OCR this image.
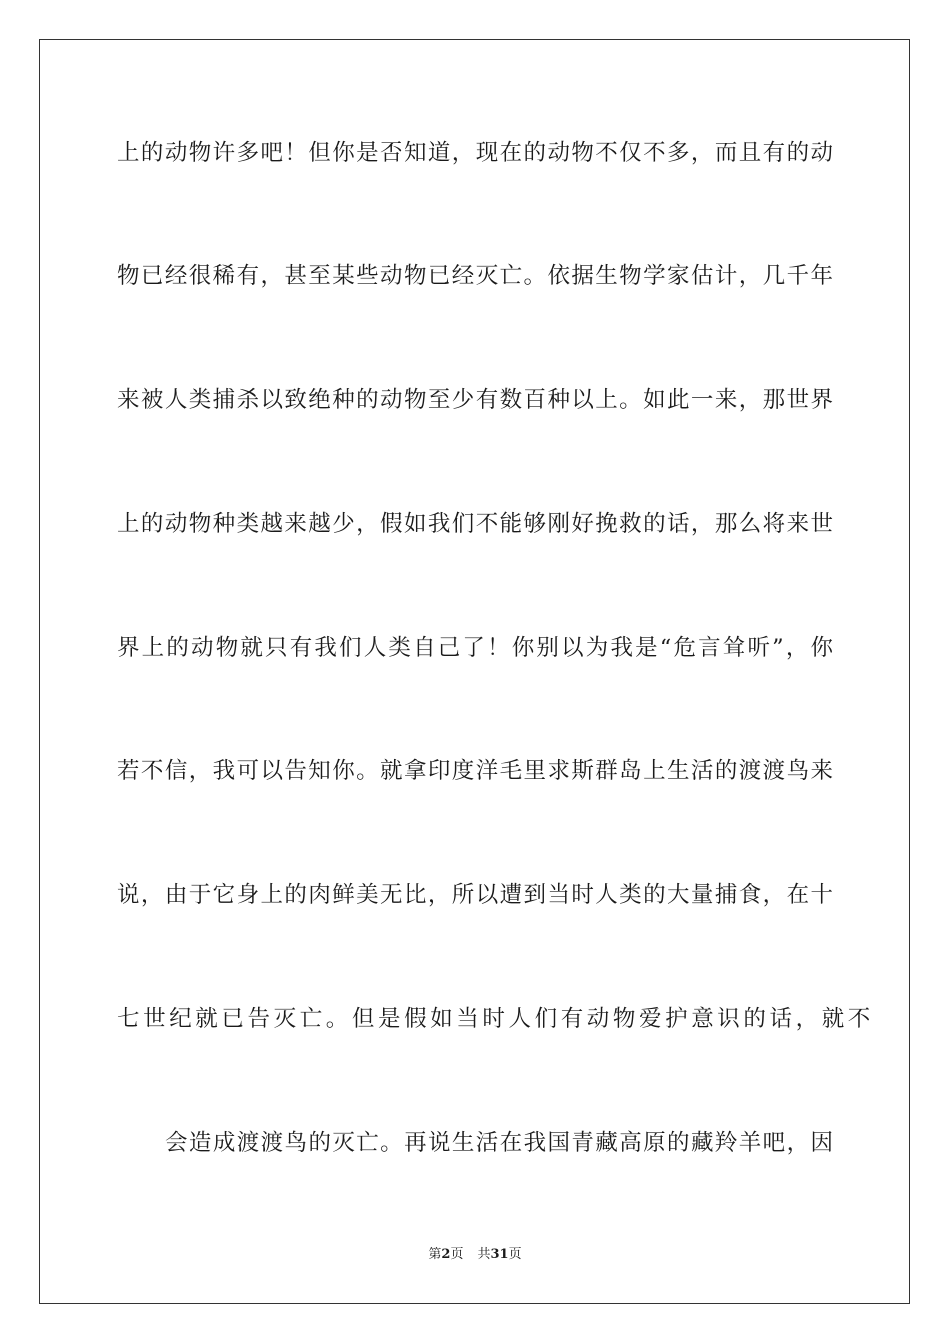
上的动物许多吧！但你是否知道，现在的动物不仅不多，而且有的动
物已经很稀有，甚至某些动物已经灭亡。依据生物学家估计，几千年
来被人类捕杀以致绝种的动物至少有数百种以上。如此一来，那世界
上的动物种类越来越少，假如我们不能够刚好挽救的话，那么将来世
界上的动物就只有我们人类自己了！你别以为我是“危言耸听”，你
若不信，我可以告知你。就拿印度洋毛里求斯群岛上生活的渡渡鸟来
说，由于它身上的肉鲜美无比，所以遭到当时人类的大量捕食，在十
七世纪就已告灭亡。但是假如当时人们有动物爱护意识的话，就不
会造成渡渡鸟的灭亡。再说生活在我国青藏高原的藏羚羊吧，因
第2页 共31页
